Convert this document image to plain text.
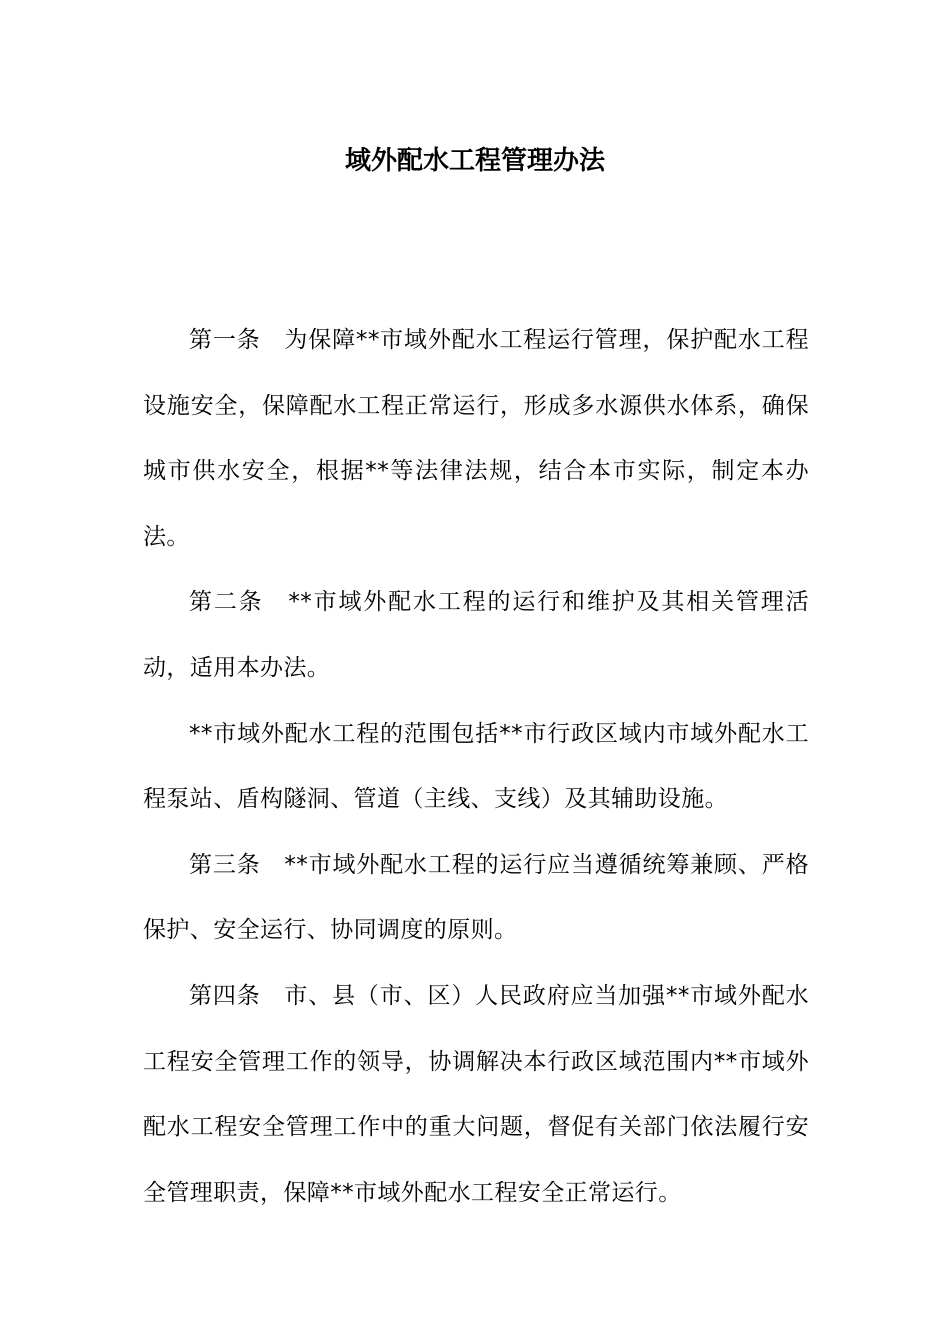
域外配水工程管理办法

第一条　为保障**市域外配水工程运行管理，保护配水工程设施安全，保障配水工程正常运行，形成多水源供水体系，确保城市供水安全，根据**等法律法规，结合本市实际，制定本办法。

第二条　**市域外配水工程的运行和维护及其相关管理活动，适用本办法。

**市域外配水工程的范围包括**市行政区域内市域外配水工程泵站、盾构隧洞、管道（主线、支线）及其辅助设施。

第三条　**市域外配水工程的运行应当遵循统筹兼顾、严格保护、安全运行、协同调度的原则。

第四条　市、县（市、区）人民政府应当加强**市域外配水工程安全管理工作的领导，协调解决本行政区域范围内**市域外配水工程安全管理工作中的重大问题，督促有关部门依法履行安全管理职责，保障**市域外配水工程安全正常运行。
